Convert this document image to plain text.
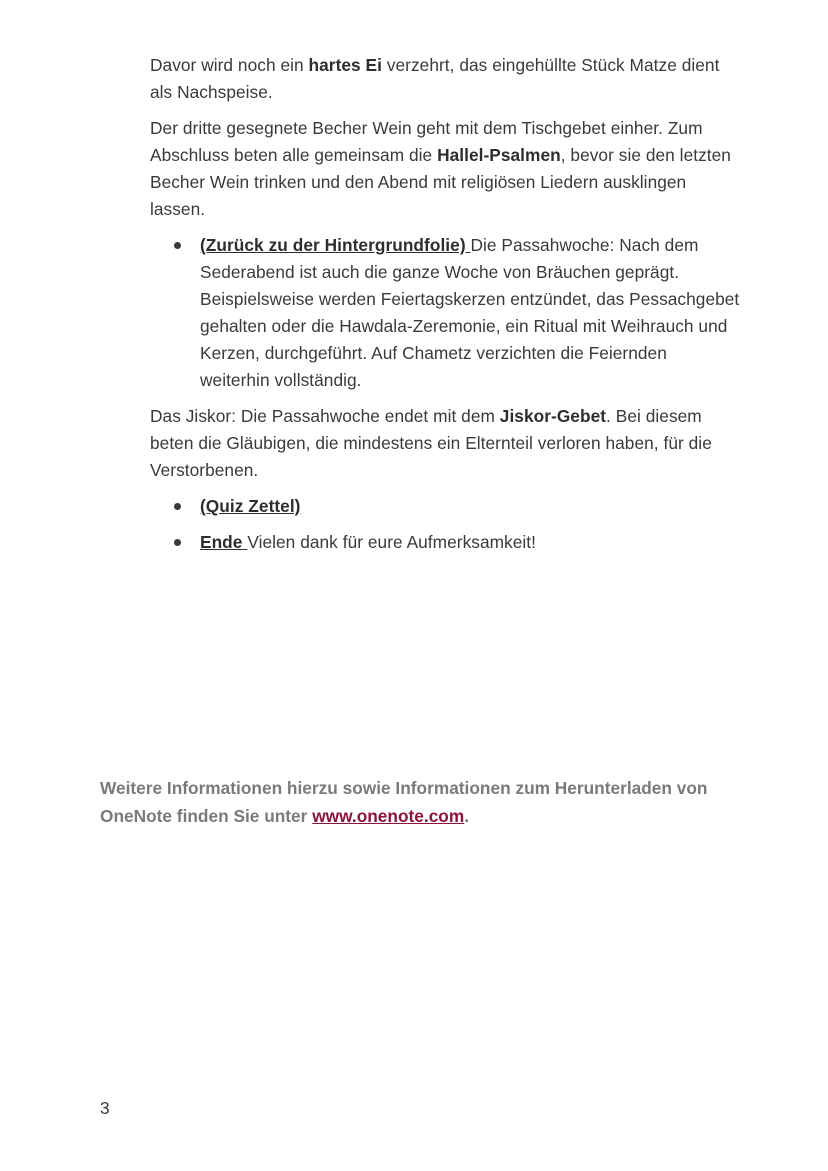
Davor wird noch ein hartes Ei verzehrt, das eingehüllte Stück Matze dient als Nachspeise.

Der dritte gesegnete Becher Wein geht mit dem Tischgebet einher. Zum Abschluss beten alle gemeinsam die Hallel-Psalmen, bevor sie den letzten Becher Wein trinken und den Abend mit religiösen Liedern ausklingen lassen.

(Zurück zu der Hintergrundfolie) Die Passahwoche: Nach dem Sederabend ist auch die ganze Woche von Bräuchen geprägt. Beispielsweise werden Feiertagskerzen entzündet, das Pessachgebet gehalten oder die Hawdala-Zeremonie, ein Ritual mit Weihrauch und Kerzen, durchgeführt. Auf Chametz verzichten die Feiernden weiterhin vollständig.

Das Jiskor: Die Passahwoche endet mit dem Jiskor-Gebet. Bei diesem beten die Gläubigen, die mindestens ein Elternteil verloren haben, für die Verstorbenen.

(Quiz Zettel)
Ende Vielen dank für eure Aufmerksamkeit!
Weitere Informationen hierzu sowie Informationen zum Herunterladen von OneNote finden Sie unter www.onenote.com.
3
